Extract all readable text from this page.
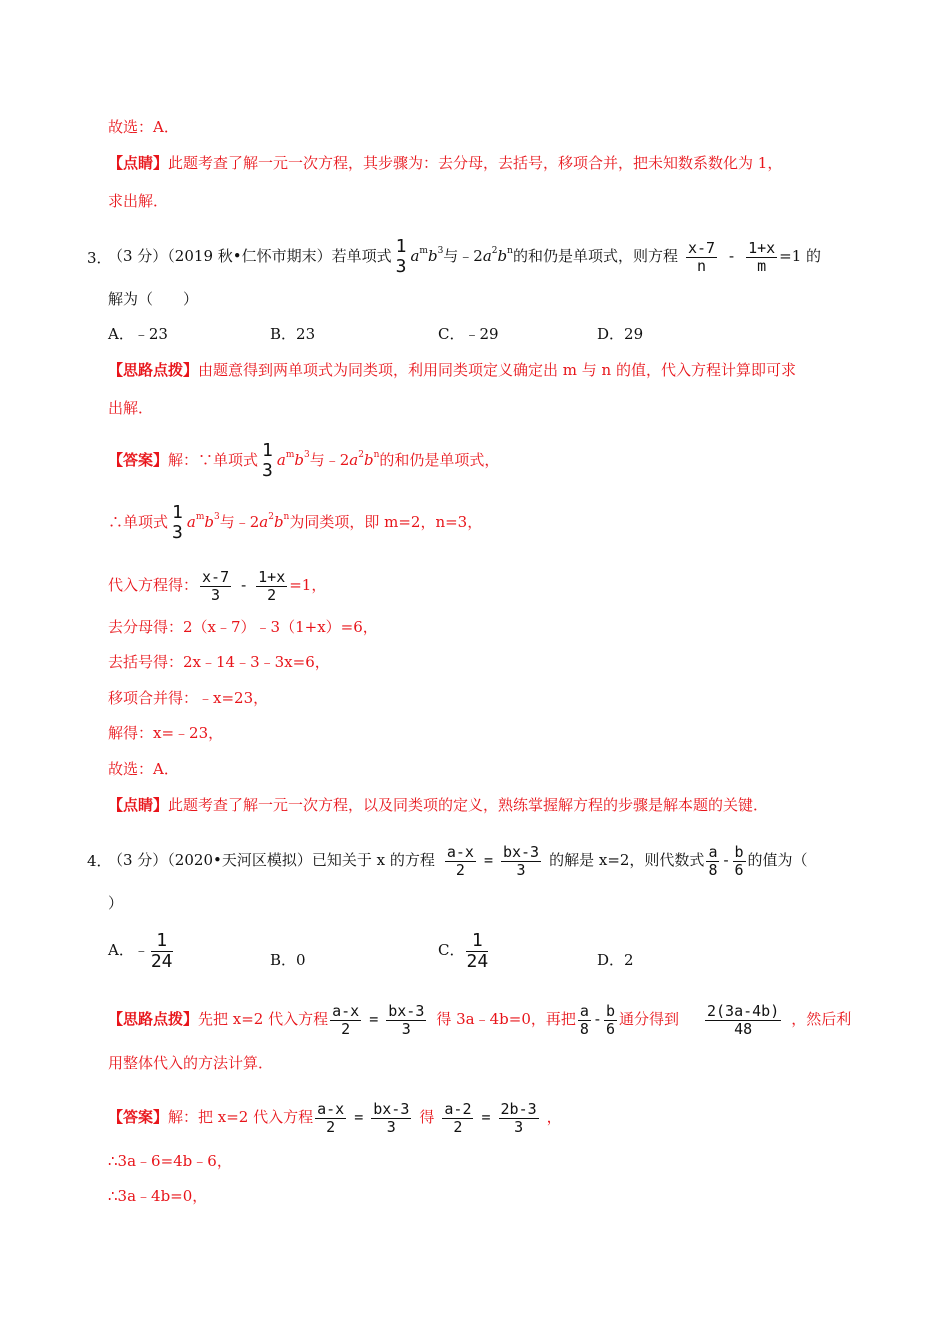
故选：A．
【点睛】此题考查了解一元一次方程，其步骤为：去分母，去括号，移项合并，把未知数系数化为 1，
求出解．
3．
（3 分）（2019 秋•仁怀市期末）若单项式 1
3 $a^mb^3$与$﹣2a^2b^n$的和仍是单项式，则方程 $\frac{x-7}{n} - \frac{1+x}{m} =1$ 的
解为（　　）
A．﹣23	B．23	C．﹣29	D．29
【思路点拨】由题意得到两单项式为同类项，利用同类项定义确定出 m 与 n 的值，代入方程计算即可求
出解．
【答案】解：∵单项式 1
3 $a^mb^3$与$﹣2a^2b^n$的和仍是单项式，
∴单项式 1
3 $a^mb^3$与$﹣2a^2b^n$为同类项，即 m=2，n=3，
代入方程得： $\frac{x-7}{3} - \frac{1+x}{2} =1$，
去分母得：2（x﹣7）﹣3（1+x）=6，
去括号得：2x﹣14﹣3﹣3x=6，
移项合并得：﹣x=23，
解得：x=﹣23，
故选：A．
【点睛】此题考查了解一元一次方程，以及同类项的定义，熟练掌握解方程的步骤是解本题的关键．
4．
（3 分）（2020•天河区模拟）已知关于 x 的方程 $\frac{a-x}{2} = \frac{bx-3}{3}$ 的解是 x=2，则代数式 $\frac{a}{8} - \frac{b}{6}$ 的值为（
）
A．﹣ $\frac{1}{24}$	B．0
C． $\frac{1}{24}$	D．2
【思路点拨】先把 x=2 代入方程 $\frac{a-x}{2} = \frac{bx-3}{3}$ 得 3a﹣4b=0，再把 $\frac{a}{8} - \frac{b}{6}$ 通分得到 $\frac{2(3a-4b)}{48}$ ，然后利
用整体代入的方法计算．
【答案】解：把 x=2 代入方程 $\frac{a-x}{2} = \frac{bx-3}{3}$ 得 $\frac{a-2}{2} = \frac{2b-3}{3}$ ，
∴3a﹣6=4b﹣6，
∴3a﹣4b=0，
